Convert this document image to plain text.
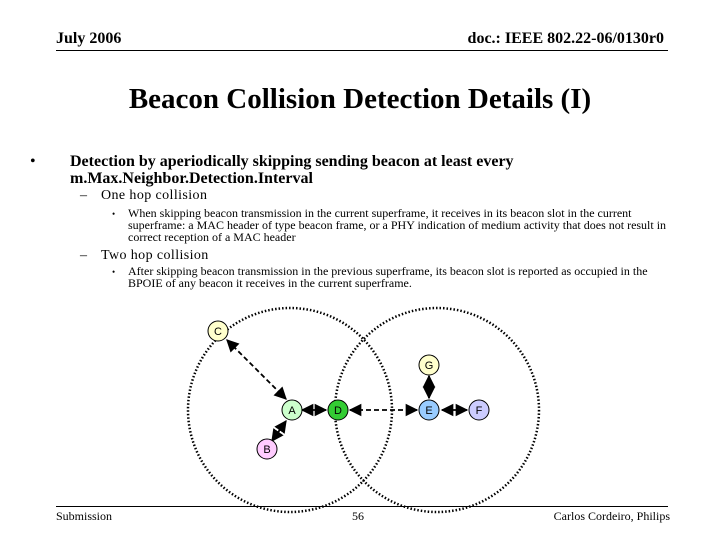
July 2006	doc.: IEEE 802.22-06/0130r0
Beacon Collision Detection Details (I)
• Detection by aperiodically skipping sending beacon at least every m.Max.Neighbor.Detection.Interval
– One hop collision
• When skipping beacon transmission in the current superframe, it receives in its beacon slot in the current superframe: a MAC header of type beacon frame, or a PHY indication of medium activity that does not result in correct reception of a MAC header
– Two hop collision
• After skipping beacon transmission in the previous superframe, its beacon slot is reported as occupied in the BPOIE of any beacon it receives in the current superframe.
C
G
A	D	E	F
B
Submission	56	Carlos Cordeiro, Philips
